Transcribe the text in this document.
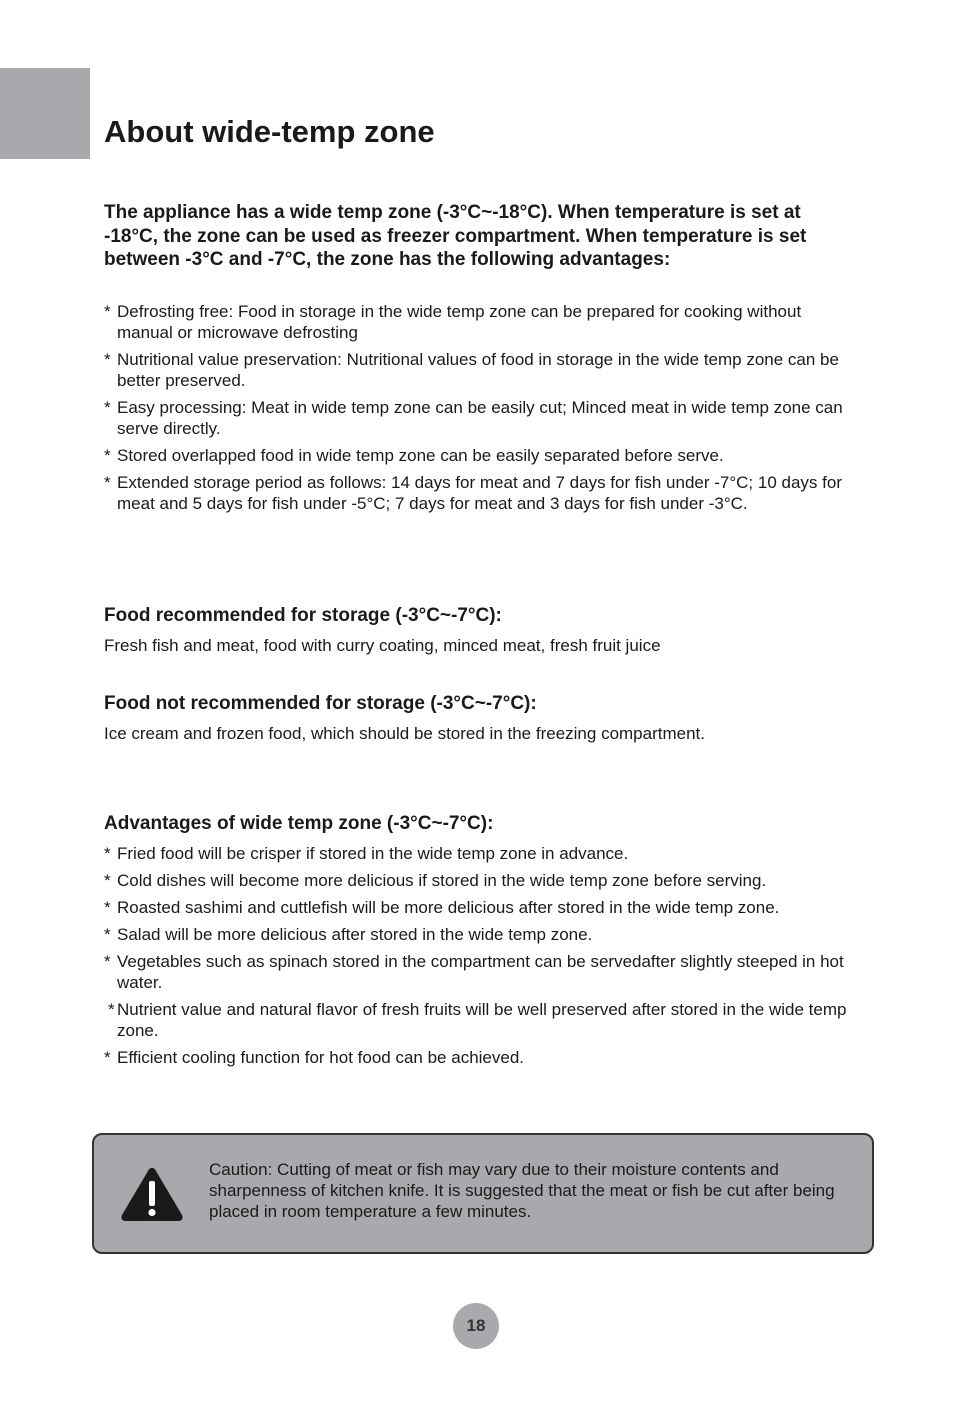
About wide-temp zone

The appliance has a wide temp zone (-3°C~-18°C). When temperature is set at -18°C, the zone can be used as freezer compartment. When temperature is set between -3°C and -7°C, the zone has the following advantages:

* Defrosting free: Food in storage in the wide temp zone can be prepared for cooking without manual or microwave defrosting
* Nutritional value preservation: Nutritional values of food in storage in the wide temp zone can be better preserved.
* Easy processing: Meat in wide temp zone can be easily cut; Minced meat in wide temp zone can serve directly.
* Stored overlapped food in wide temp zone can be easily separated before serve.
* Extended storage period as follows: 14 days for meat and 7 days for fish under -7°C; 10 days for meat and 5 days for fish under -5°C; 7 days for meat and 3 days for fish under -3°C.
Food recommended for storage (-3°C~-7°C):

Fresh fish and meat, food with curry coating, minced meat, fresh fruit juice

Food not recommended for storage (-3°C~-7°C):

Ice cream and frozen food, which should be stored in the freezing compartment.

Advantages of wide temp zone (-3°C~-7°C):
* Fried food will be crisper if stored in the wide temp zone in advance.
* Cold dishes will become more delicious if stored in the wide temp zone before serving.
* Roasted sashimi and cuttlefish will be more delicious after stored in the wide temp zone.
* Salad will be more delicious after stored in the wide temp zone.
* Vegetables such as spinach stored in the compartment can be servedafter slightly steeped in hot water.
* Nutrient value and natural flavor of fresh fruits will be well preserved after stored in the wide temp zone.
* Efficient cooling function for hot food can be achieved.

Caution: Cutting of meat or fish may vary due to their moisture contents and sharpenness of kitchen knife. It is suggested that the meat or fish be cut after being placed in room temperature a few minutes.

18
